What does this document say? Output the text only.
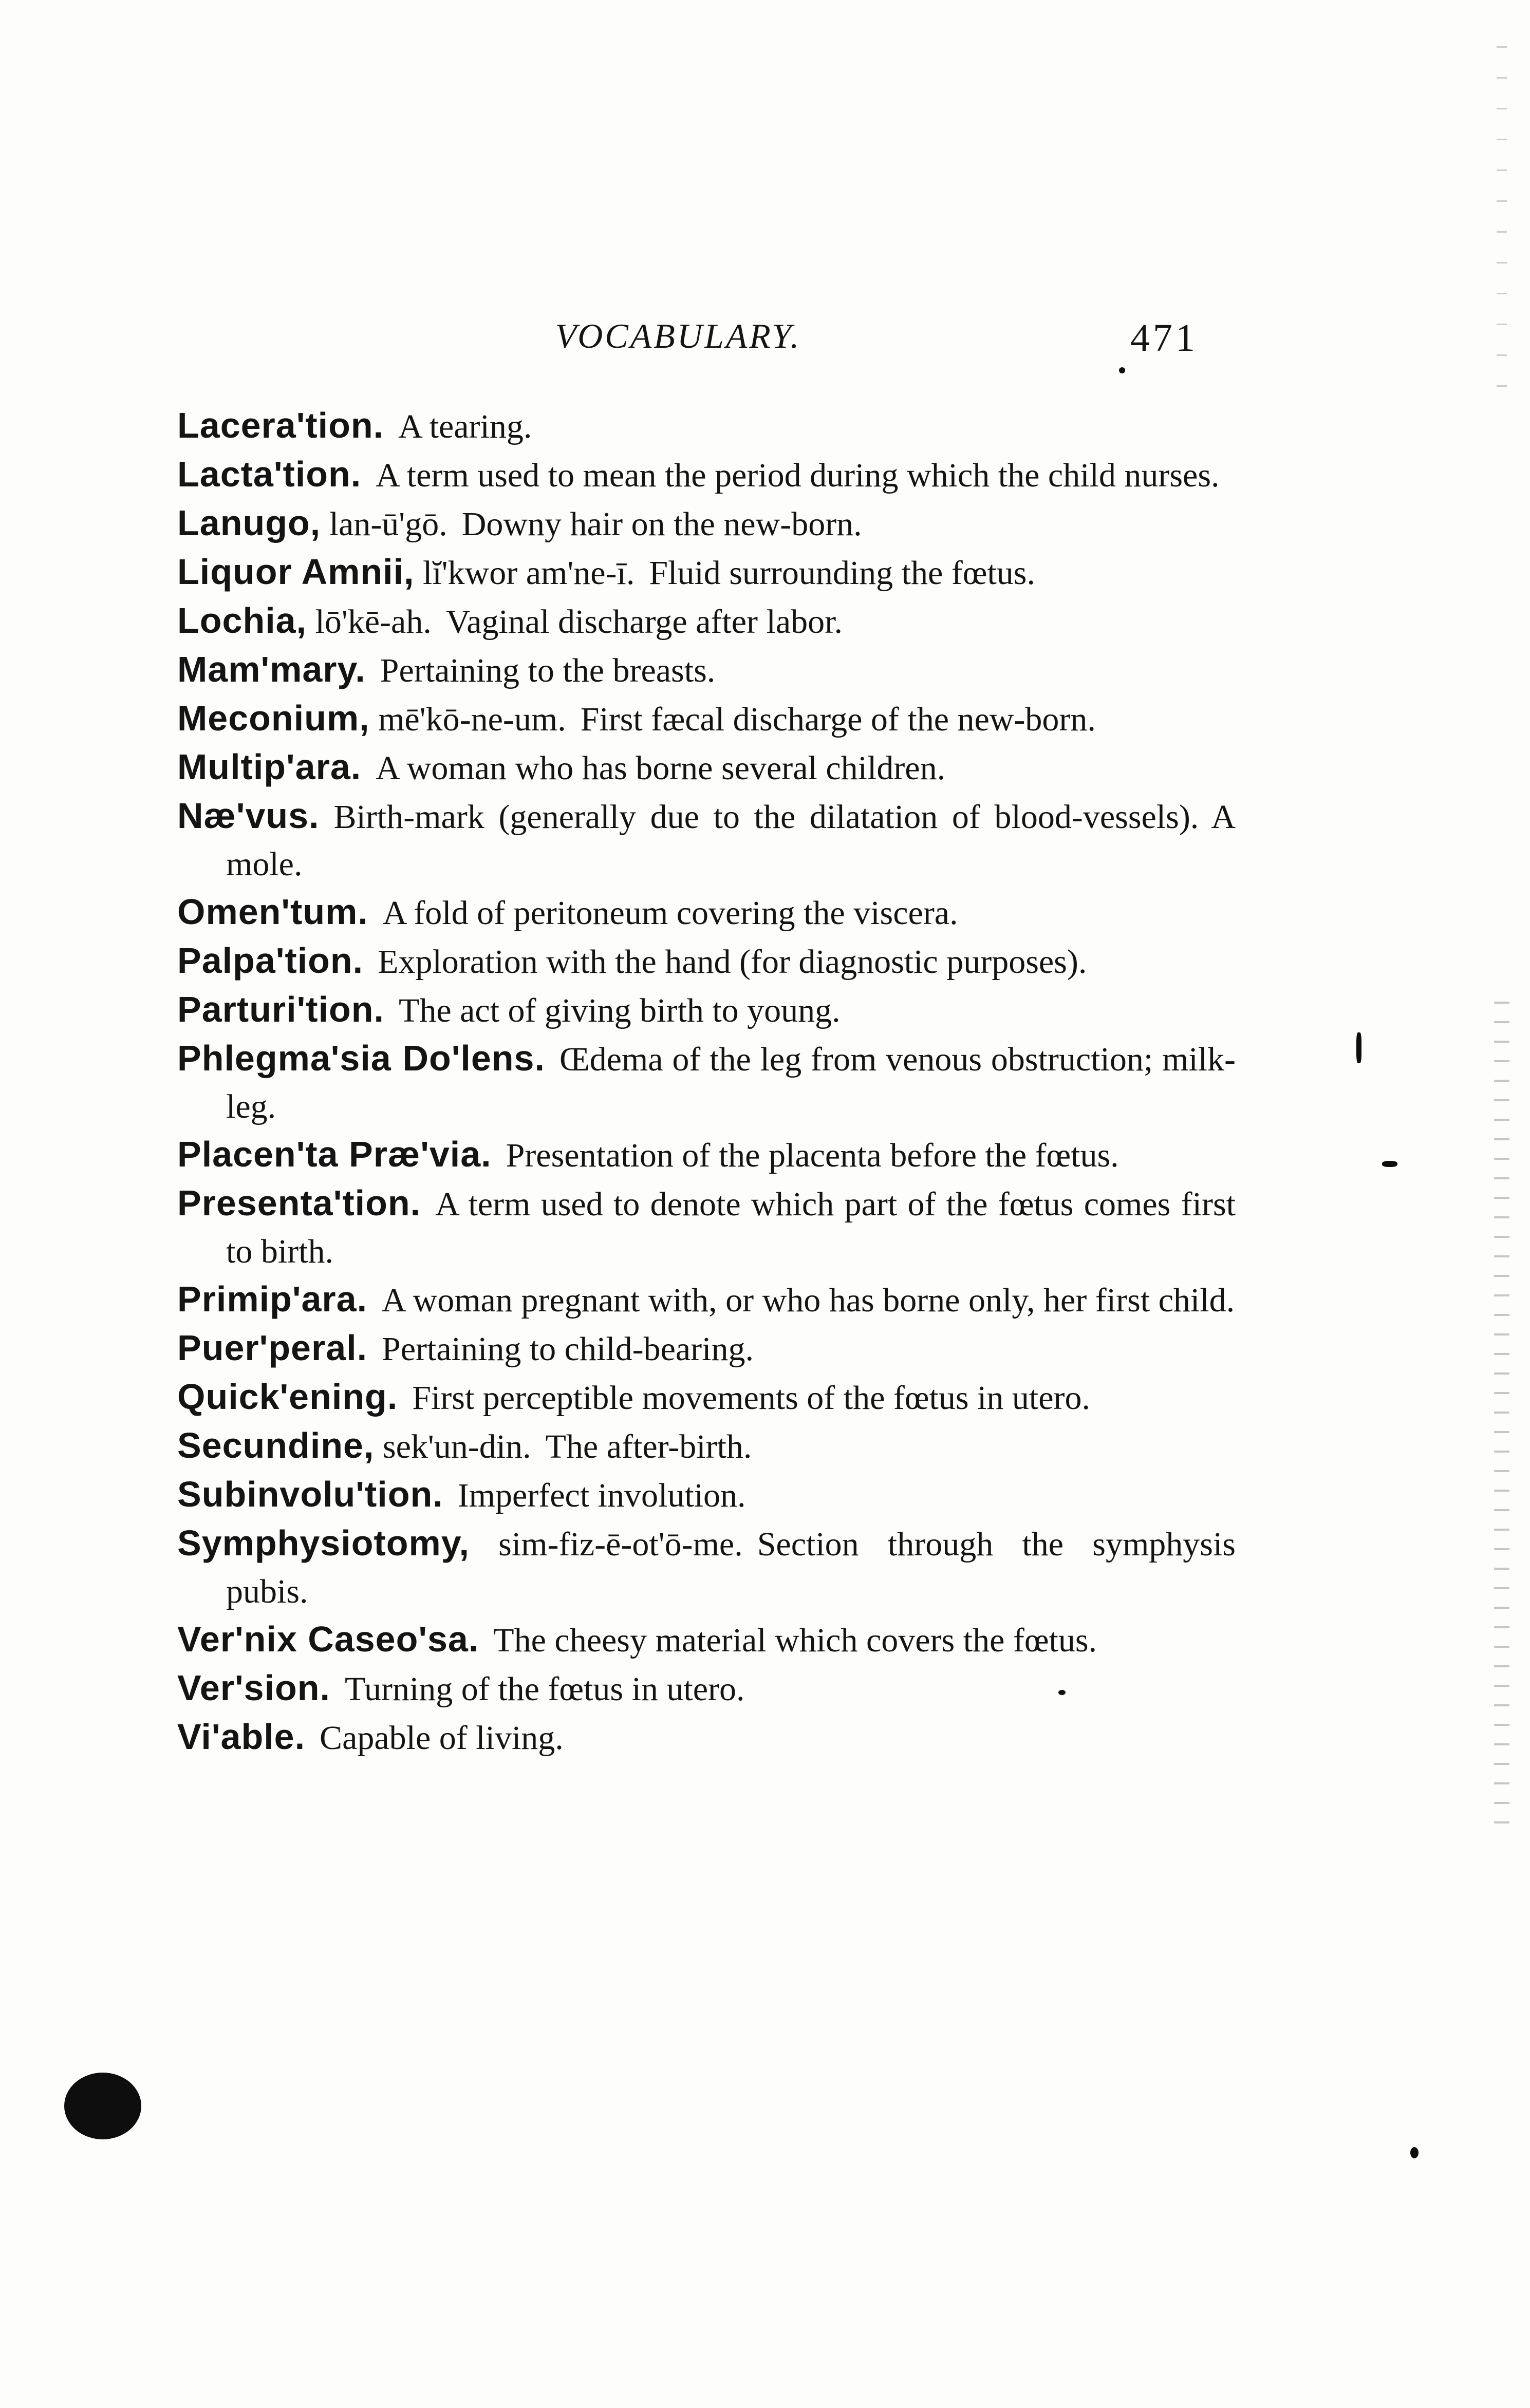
VOCABULARY.	471

Lacera'tion. A tearing.

Lacta'tion. A term used to mean the period during which the child nurses.

Lanugo, lan-ū'gō. Downy hair on the new-born.

Liquor Amnii, lĭ'kwor am'ne-ī. Fluid surrounding the fœtus.

Lochia, lō'kē-ah. Vaginal discharge after labor.

Mam'mary. Pertaining to the breasts.

Meconium, mē'kō-ne-um. First fæcal discharge of the new-born.

Multip'ara. A woman who has borne several children.

Næ'vus. Birth-mark (generally due to the dilatation of blood-vessels). A mole.

Omen'tum. A fold of peritoneum covering the viscera.

Palpa'tion. Exploration with the hand (for diagnostic purposes).

Parturi'tion. The act of giving birth to young.

Phlegma'sia Do'lens. Œdema of the leg from venous obstruction; milk-leg.

Placen'ta Præ'via. Presentation of the placenta before the fœtus.

Presenta'tion. A term used to denote which part of the fœtus comes first to birth.

Primip'ara. A woman pregnant with, or who has borne only, her first child.

Puer'peral. Pertaining to child-bearing.

Quick'ening. First perceptible movements of the fœtus in utero.

Secundine, sek'un-din. The after-birth.

Subinvolu'tion. Imperfect involution.

Symphysiotomy, sim-fiz-ē-ot'ō-me. Section through the symphysis pubis.

Ver'nix Caseo'sa. The cheesy material which covers the fœtus.

Ver'sion. Turning of the fœtus in utero.

Vi'able. Capable of living.
